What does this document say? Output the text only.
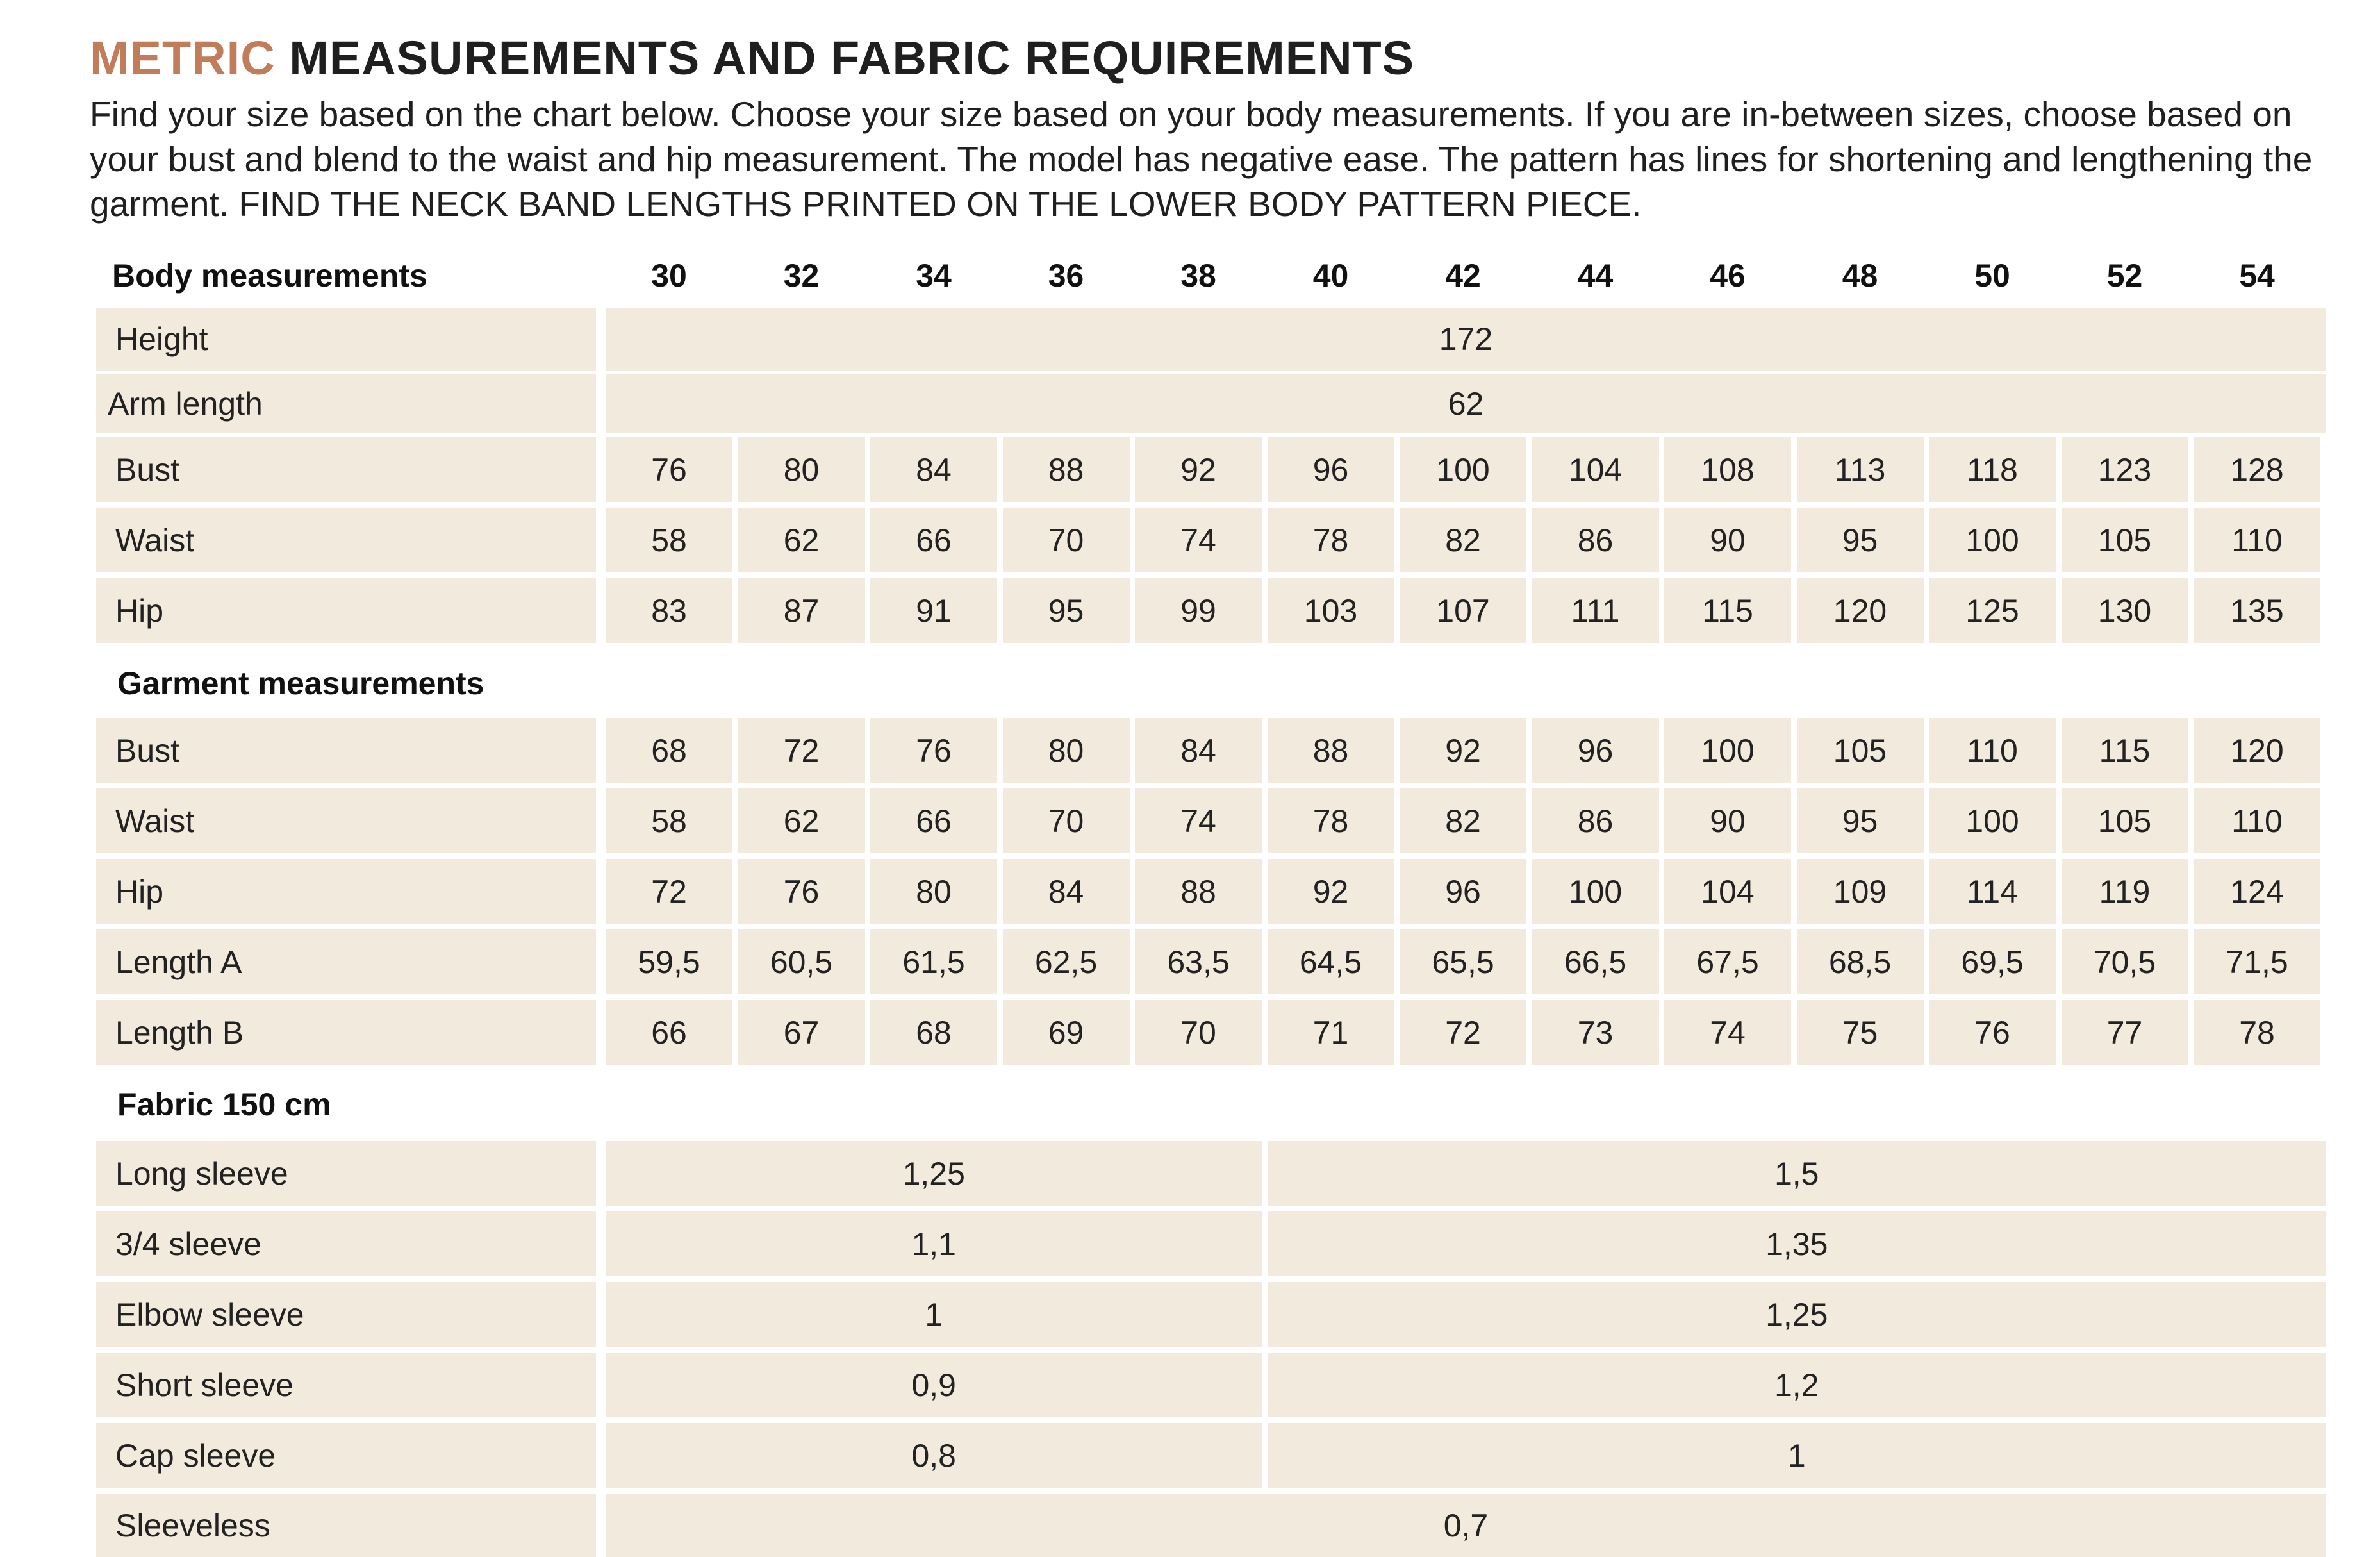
METRIC MEASUREMENTS AND FABRIC REQUIREMENTS

Find your size based on the chart below. Choose your size based on your body measurements. If you are in-between sizes, choose based on your bust and blend to the waist and hip measurement. The model has negative ease. The pattern has lines for shortening and lengthening the garment. FIND THE NECK BAND LENGTHS PRINTED ON THE LOWER BODY PATTERN PIECE.

Body measurements	30	32	34	36	38	40	42	44	46	48	50	52	54
Height	172
Arm length	62
Bust	76	80	84	88	92	96	100	104	108	113	118	123	128
Waist	58	62	66	70	74	78	82	86	90	95	100	105	110
Hip	83	87	91	95	99	103	107	111	115	120	125	130	135
Garment measurements
Bust	68	72	76	80	84	88	92	96	100	105	110	115	120
Waist	58	62	66	70	74	78	82	86	90	95	100	105	110
Hip	72	76	80	84	88	92	96	100	104	109	114	119	124
Length A	59,5	60,5	61,5	62,5	63,5	64,5	65,5	66,5	67,5	68,5	69,5	70,5	71,5
Length B	66	67	68	69	70	71	72	73	74	75	76	77	78
Fabric 150 cm
Long sleeve	1,25	1,5
3/4 sleeve	1,1	1,35
Elbow sleeve	1	1,25
Short sleeve	0,9	1,2
Cap sleeve	0,8	1
Sleeveless	0,7
